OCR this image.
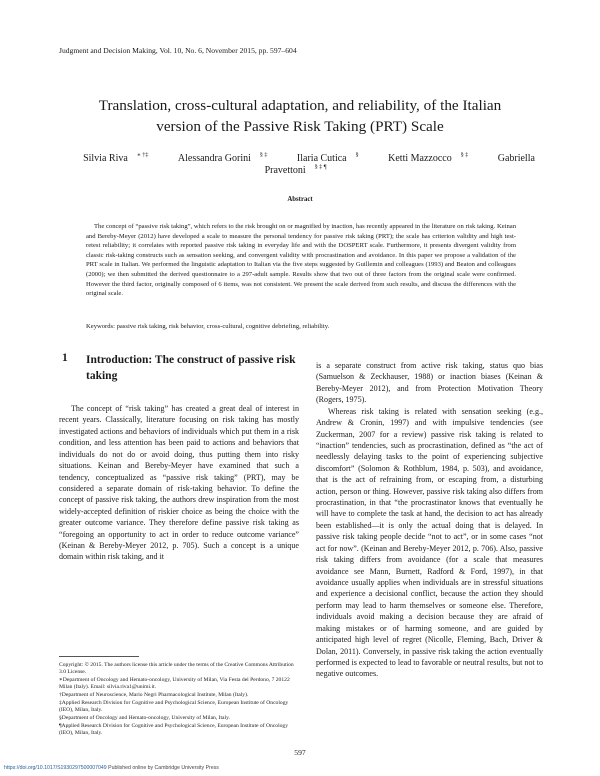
Judgment and Decision Making, Vol. 10, No. 6, November 2015, pp. 597–604
Translation, cross-cultural adaptation, and reliability, of the Italian
version of the Passive Risk Taking (PRT) Scale
Silvia Riva ∗ †‡	Alessandra Gorini § ‡	Ilaria Cutica §	Ketti Mazzocco § ‡	Gabriella Pravettoni § ‡ ¶
Abstract
The concept of “passive risk taking”, which refers to the risk brought on or magnified by inaction, has recently appeared in the literature on risk taking. Keinan and Bereby-Meyer (2012) have developed a scale to measure the personal tendency for passive risk taking (PRT); the scale has criterion validity and high test-retest reliability; it correlates with reported passive risk taking in everyday life and with the DOSPERT scale. Furthermore, it presents divergent validity from classic risk-taking constructs such as sensation seeking, and convergent validity with procrastination and avoidance. In this paper we propose a validation of the PRT scale in Italian. We performed the linguistic adaptation to Italian via the five steps suggested by Guillemin and colleagues (1993) and Beaton and colleagues (2000); we then submitted the derived questionnaire to a 297-adult sample. Results show that two out of three factors from the original scale were confirmed. However the third factor, originally composed of 6 items, was not consistent. We present the scale derived from such results, and discuss the differences with the original scale.
Keywords: passive risk taking, risk behavior, cross-cultural, cognitive debriefing, reliability.
1 Introduction: The construct of passive risk taking
The concept of “risk taking” has created a great deal of interest in recent years. Classically, literature focusing on risk taking has mostly investigated actions and behaviors of individuals which put them in a risk condition, and less attention has been paid to actions and behaviors that individuals do not do or avoid doing, thus putting them into risky situations. Keinan and Bereby-Meyer have examined that such a tendency, conceptualized as “passive risk taking” (PRT), may be considered a separate domain of risk-taking behavior. To define the concept of passive risk taking, the authors drew inspiration from the most widely-accepted definition of riskier choice as being the choice with the greater outcome variance. They therefore define passive risk taking as “foregoing an opportunity to act in order to reduce outcome variance” (Keinan & Bereby-Meyer 2012, p. 705). Such a concept is a unique domain within risk taking, and it
is a separate construct from active risk taking, status quo bias (Samuelson & Zeckhauser, 1988) or inaction biases (Keinan & Bereby-Meyer 2012), and from Protection Motivation Theory (Rogers, 1975).
Whereas risk taking is related with sensation seeking (e.g., Andrew & Cronin, 1997) and with impulsive tendencies (see Zuckerman, 2007 for a review) passive risk taking is related to “inaction” tendencies, such as procrastination, defined as “the act of needlessly delaying tasks to the point of experiencing subjective discomfort” (Solomon & Rothblum, 1984, p. 503), and avoidance, that is the act of refraining from, or escaping from, a disturbing action, person or thing. However, passive risk taking also differs from procrastination, in that “the procrastinator knows that eventually he will have to complete the task at hand, the decision to act has already been established—it is only the actual doing that is delayed. In passive risk taking people decide “not to act”, or in some cases “not act for now”. (Keinan and Bereby-Meyer 2012, p. 706). Also, passive risk taking differs from avoidance (for a scale that measures avoidance see Mann, Burnett, Radford & Ford, 1997), in that avoidance usually applies when individuals are in stressful situations and experience a decisional conflict, because the action they should perform may lead to harm themselves or someone else. Therefore, individuals avoid making a decision because they are afraid of making mistakes or of harming someone, and are guided by anticipated high level of regret (Nicolle, Fleming, Bach, Driver & Dolan, 2011). Conversely, in passive risk taking the action eventually performed is expected to lead to favorable or neutral results, but not to negative outcomes.
Copyright: © 2015. The authors license this article under the terms of the Creative Commons Attribution 3.0 License.
∗Department of Oncology and Hemato-oncology, University of Milan, Via Festa del Perdono, 7 20122 Milan (Italy). Email: silvia.riva1@unimi.it.
†Department of Neuroscience, Mario Negri Pharmacological Institute, Milan (Italy).
‡Applied Research Division for Cognitive and Psychological Science, European Institute of Oncology (IEO), Milan, Italy.
§Department of Oncology and Hemato-oncology, University of Milan, Italy.
¶Applied Research Division for Cognitive and Psychological Science, European Institute of Oncology (IEO), Milan, Italy.
597
https://doi.org/10.1017/S1930297500007049 Published online by Cambridge University Press
